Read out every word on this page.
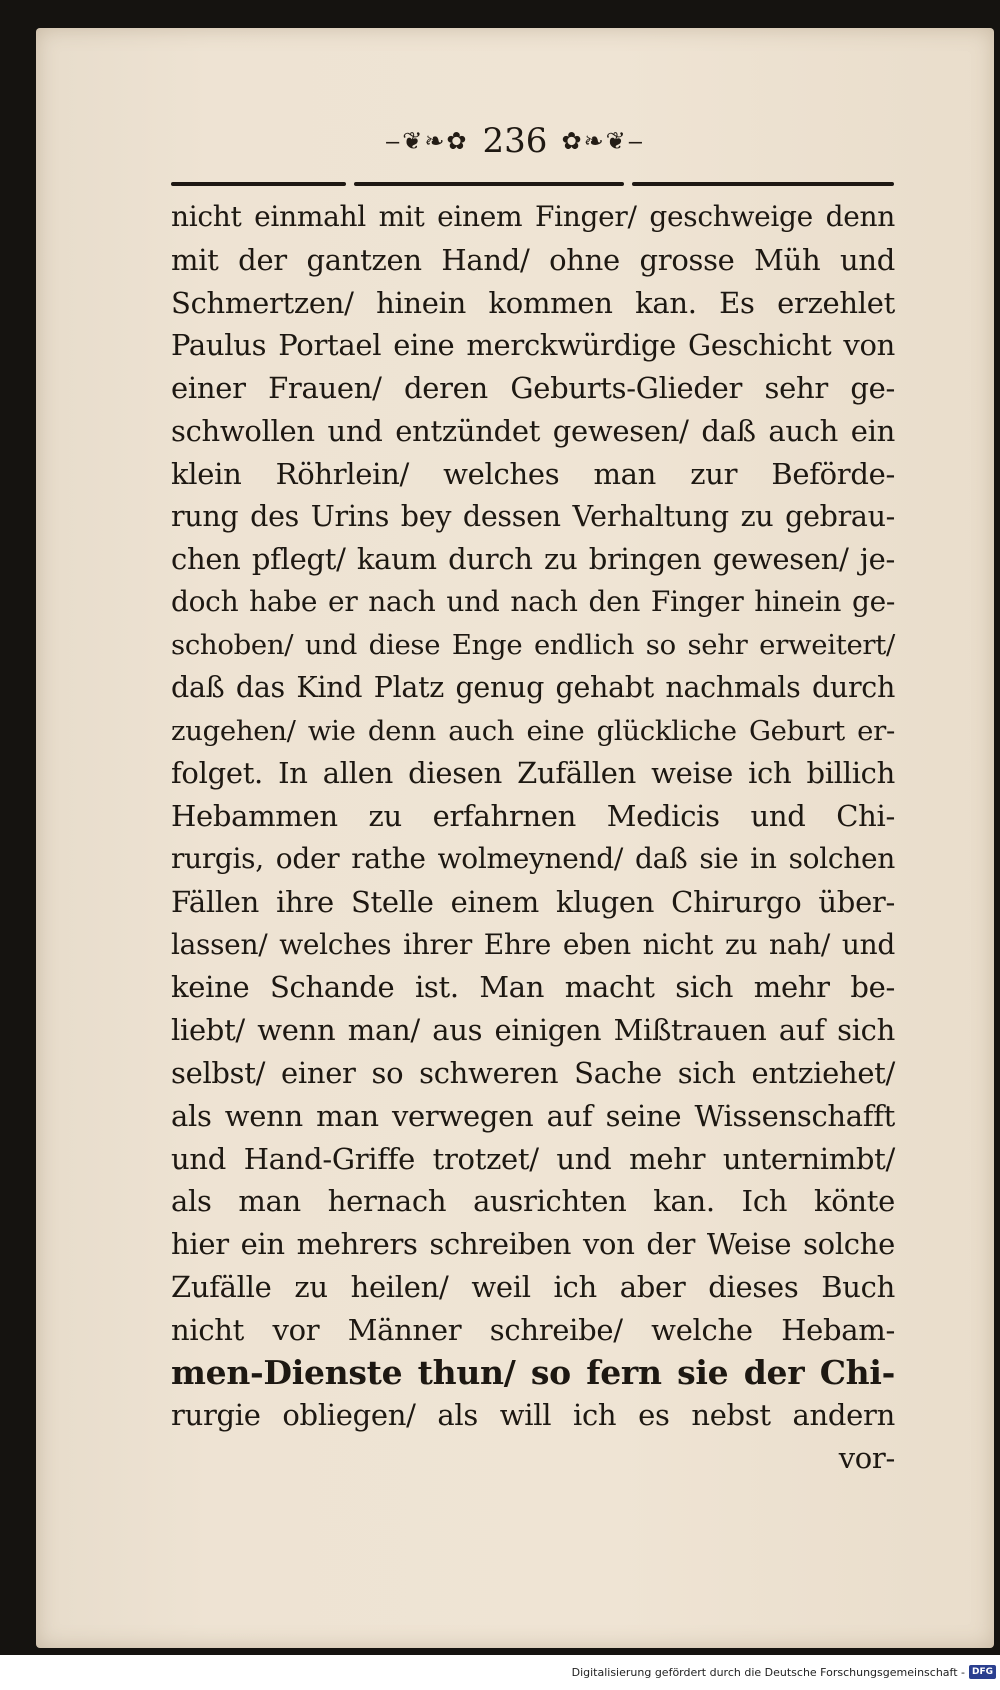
‒❦❧✿ 236 ✿❧❦‒
nicht einmahl mit einem Finger/ geschweige denn
mit der gantzen Hand/ ohne grosse Müh und
Schmertzen/ hinein kommen kan. Es erzehlet
Paulus Portael eine merckwürdige Geschicht von
einer Frauen/ deren Geburts-Glieder sehr ge-
schwollen und entzündet gewesen/ daß auch ein
klein Röhrlein/ welches man zur Beförde-
rung des Urins bey dessen Verhaltung zu gebrau-
chen pflegt/ kaum durch zu bringen gewesen/ je-
doch habe er nach und nach den Finger hinein ge-
schoben/ und diese Enge endlich so sehr erweitert/
daß das Kind Platz genug gehabt nachmals durch
zugehen/ wie denn auch eine glückliche Geburt er-
folget. In allen diesen Zufällen weise ich billich
Hebammen zu erfahrnen Medicis und Chi-
rurgis, oder rathe wolmeynend/ daß sie in solchen
Fällen ihre Stelle einem klugen Chirurgo über-
lassen/ welches ihrer Ehre eben nicht zu nah/ und
keine Schande ist. Man macht sich mehr be-
liebt/ wenn man/ aus einigen Mißtrauen auf sich
selbst/ einer so schweren Sache sich entziehet/
als wenn man verwegen auf seine Wissenschafft
und Hand-Griffe trotzet/ und mehr unternimbt/
als man hernach ausrichten kan. Ich könte
hier ein mehrers schreiben von der Weise solche
Zufälle zu heilen/ weil ich aber dieses Buch
nicht vor Männer schreibe/ welche Hebam-
men-Dienste thun/ so fern sie der Chi-
rurgie obliegen/ als will ich es nebst andern
vor-
Digitalisierung gefördert durch die Deutsche Forschungsgemeinschaft - DFG
